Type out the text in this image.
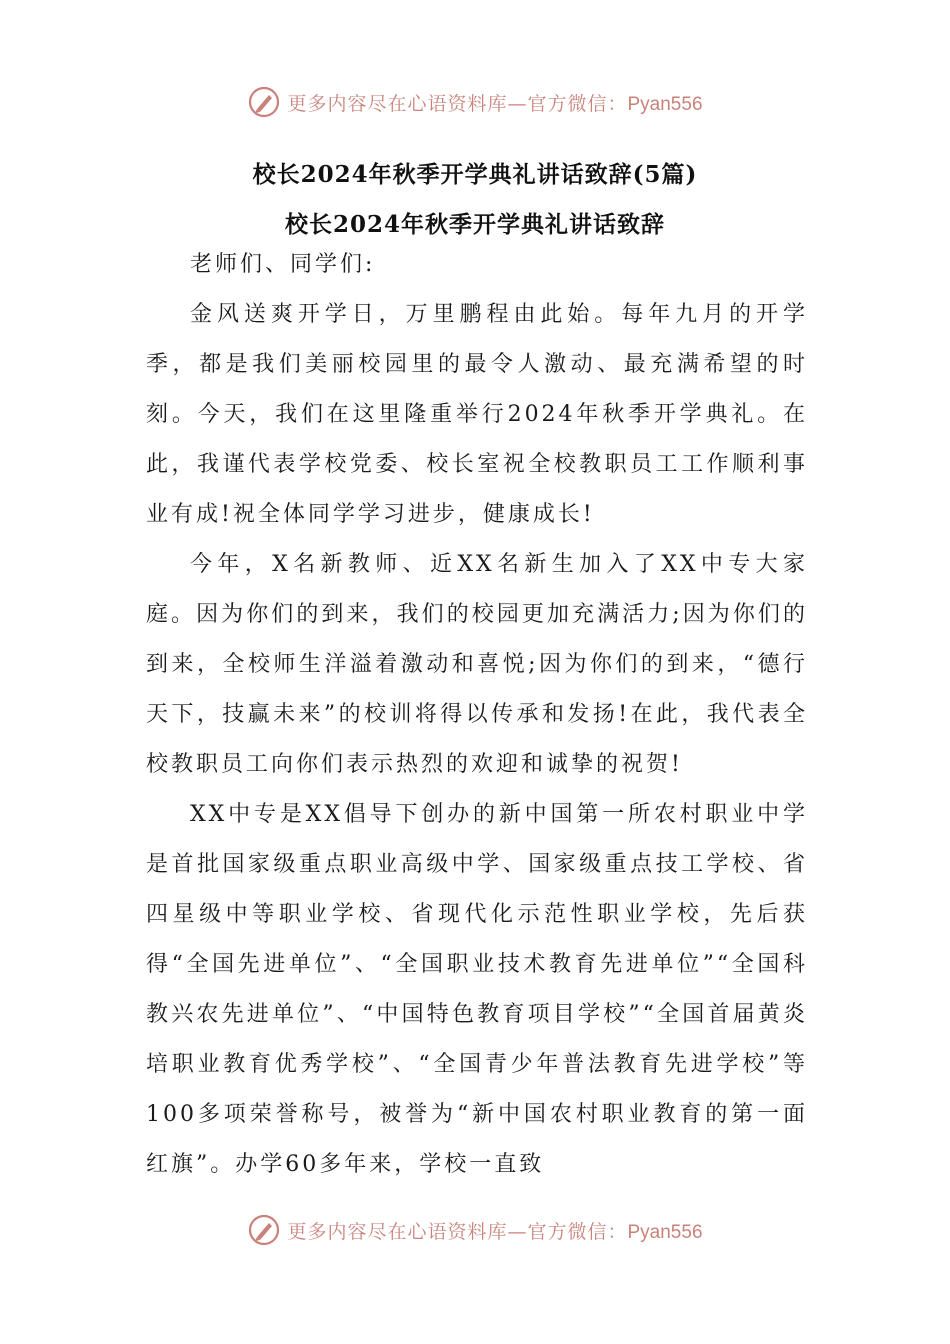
更多内容尽在心语资料库—官方微信：Pyan556
校长2024年秋季开学典礼讲话致辞(5篇)
校长2024年秋季开学典礼讲话致辞

老师们、同学们:

金风送爽开学日，万里鹏程由此始。每年九月的开学季，都是我们美丽校园里的最令人激动、最充满希望的时刻。今天，我们在这里隆重举行2024年秋季开学典礼。在此，我谨代表学校党委、校长室祝全校教职员工工作顺利事业有成!祝全体同学学习进步，健康成长!

今年，X名新教师、近XX名新生加入了XX中专大家庭。因为你们的到来，我们的校园更加充满活力;因为你们的到来，全校师生洋溢着激动和喜悦;因为你们的到来，“德行天下，技赢未来”的校训将得以传承和发扬!在此，我代表全校教职员工向你们表示热烈的欢迎和诚挚的祝贺!

XX中专是XX倡导下创办的新中国第一所农村职业中学是首批国家级重点职业高级中学、国家级重点技工学校、省四星级中等职业学校、省现代化示范性职业学校，先后获得“全国先进单位”、“全国职业技术教育先进单位”“全国科教兴农先进单位”、“中国特色教育项目学校”“全国首届黄炎培职业教育优秀学校”、“全国青少年普法教育先进学校”等100多项荣誉称号，被誉为“新中国农村职业教育的第一面红旗”。办学60多年来，学校一直致

更多内容尽在心语资料库—官方微信：Pyan556
